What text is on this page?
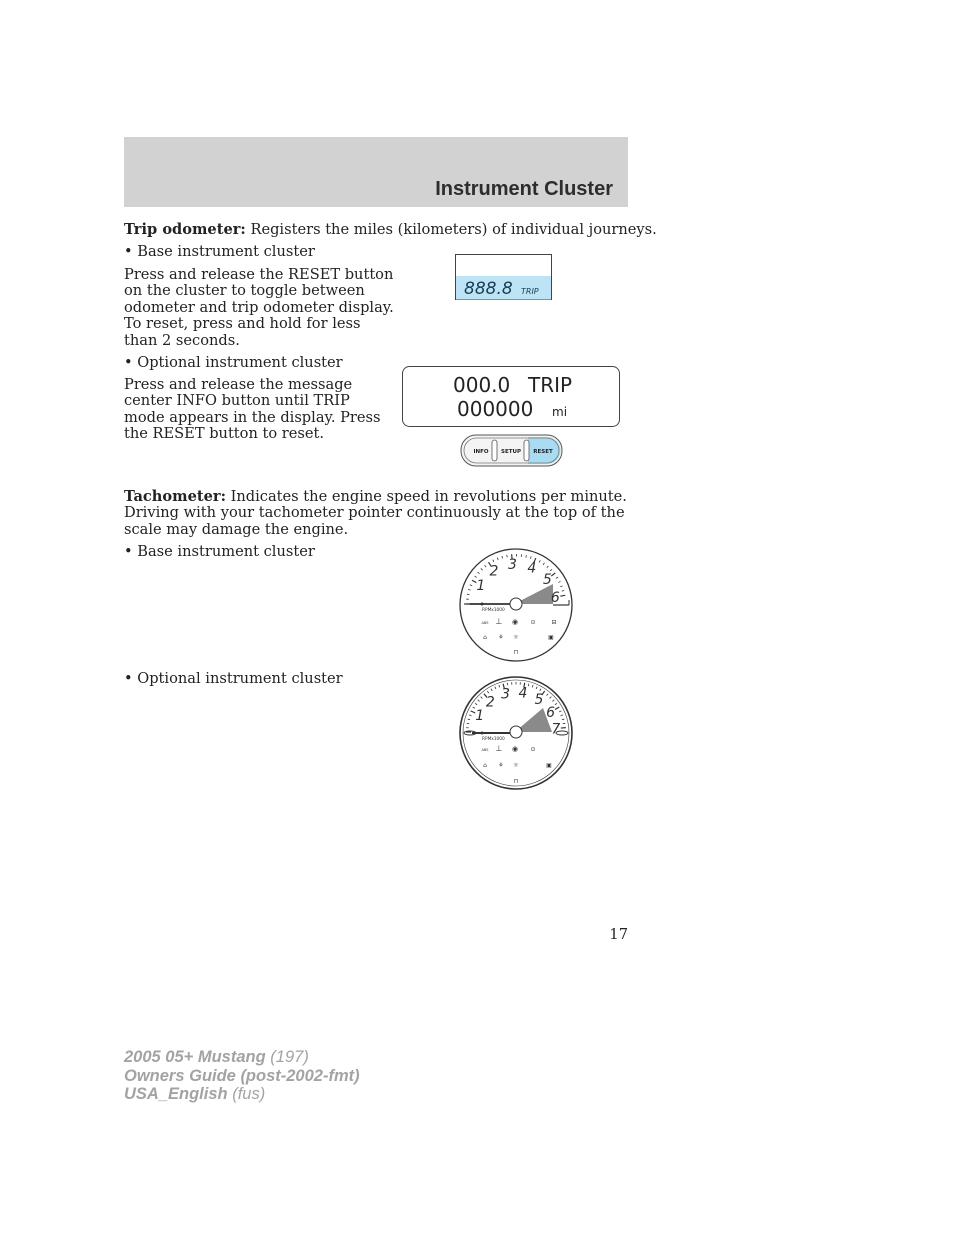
Instrument Cluster

Trip odometer: Registers the miles (kilometers) of individual journeys.

• Base instrument cluster

Press and release the RESET button on the cluster to toggle between odometer and trip odometer display. To reset, press and hold for less than 2 seconds.

• Optional instrument cluster

Press and release the message center INFO button until TRIP mode appears in the display. Press the RESET button to reset.

888.8 TRIP
000.0 TRIP
000000 mi
INFO SETUP RESET

Tachometer: Indicates the engine speed in revolutions per minute. Driving with your tachometer pointer continuously at the top of the scale may damage the engine.

• Base instrument cluster

RPMx1000
ABS ⊥ ◉ ⊙	⊟
⌂ ⚘ ☼	▣
⊓
1
2 3 4
5
6

• Optional instrument cluster

RPMx1000
ABS ⊥ ◉ ⊙
⌂ ⚘ ☼	▣
⊓
1
2 3 4 5
6
7
17
2005 05+ Mustang (197)
Owners Guide (post-2002-fmt)
USA_English (fus)
